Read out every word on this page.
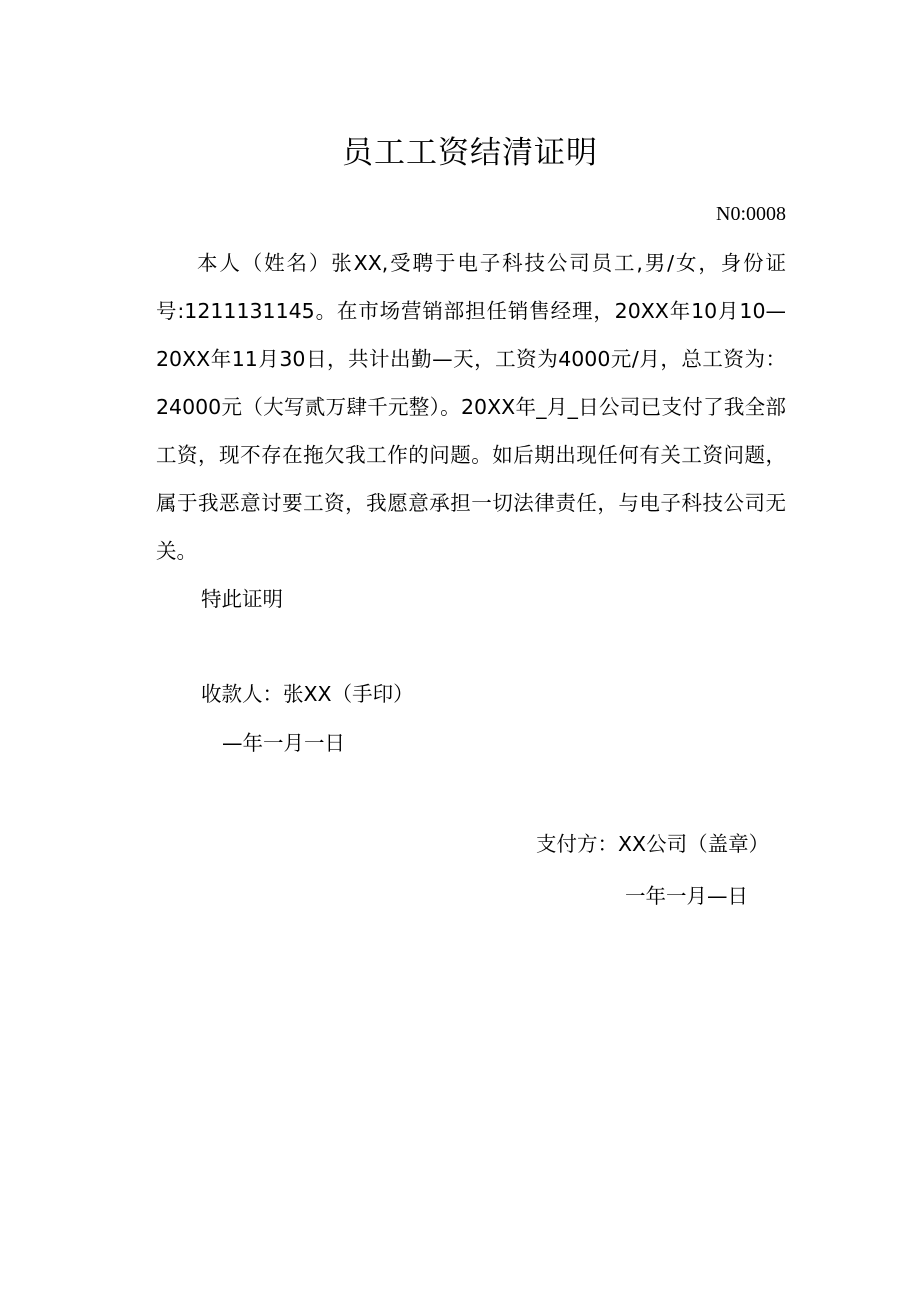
员工工资结清证明
N0:0008
本人（姓名）张XX,受聘于电子科技公司员工,男/女，身份证号:1211131145。在市场营销部担任销售经理，20XX年10月10—20XX年11月30日，共计出勤—天，工资为4000元/月，总工资为：24000元（大写贰万肆千元整）。20XX年_月_日公司已支付了我全部工资，现不存在拖欠我工作的问题。如后期出现任何有关工资问题，属于我恶意讨要工资，我愿意承担一切法律责任，与电子科技公司无关。
特此证明
收款人：张XX（手印）
—年一月一日
支付方：XX公司（盖章）
一年一月—日
